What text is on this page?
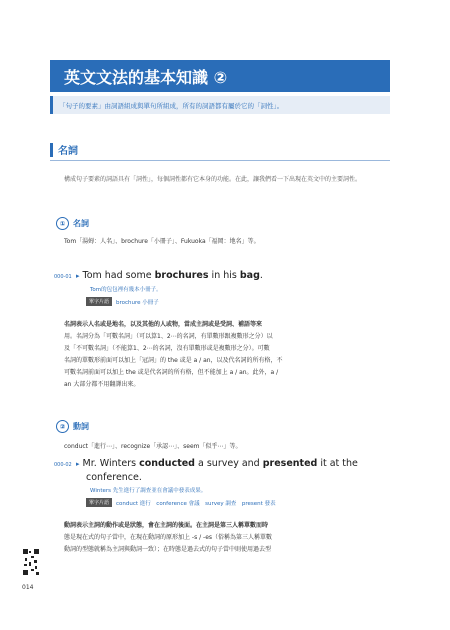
英文文法的基本知識 ②
「句子的要素」由詞語組成與單句所組成，所有的詞語都有屬於它的「詞性」。
名詞
構成句子要素的詞語具有「詞性」，每個詞性都有它本身的功能。在此，讓我們看一下出現在英文中的主要詞性。
① 名詞
Tom「湯姆：人名」、brochure「小冊子」、Fukuoka「福岡：地名」等。
000-01 ▸ Tom had some brochures in his bag.
Tom的包包裡有幾本小冊子。
單字片語	brochure 小冊子
名詞表示人名或是地名，以及其他的人或物，當成主詞或是受詞、補語等來
用。名詞分為「可數名詞」（可以算1、2⋯的名詞，有單數形跟複數形之分）以
及「不可數名詞」（不能算1、2⋯的名詞，沒有單數形或是複數形之分）。可數
名詞的單數形前面可以加上「冠詞」的 the 或是 a / an，以及代名詞的所有格，不
可數名詞前面可以加上 the 或是代名詞的所有格，但不能加上 a / an。此外，a /
an 大部分都不用翻譯出來。
② 動詞
conduct「進行⋯」、recognize「承認⋯」、seem「似乎⋯」等。
000-02 ▸ Mr. Winters conducted a survey and presented it at the
conference.
Winters 先生進行了調查並在會議中發表成果。
單字片語	conduct 進行　conference 會議　survey 調查　present 發表
動詞表示主詞的動作或是狀態，會在主詞的後面。在主詞是第三人稱單數而時
態是現在式的句子當中，在現在動詞的原形加上 -s / -es（俗稱為第三人稱單數
動詞的型態就稱為主詞與動詞一致）；在時態是過去式的句子當中則使用過去型
014
